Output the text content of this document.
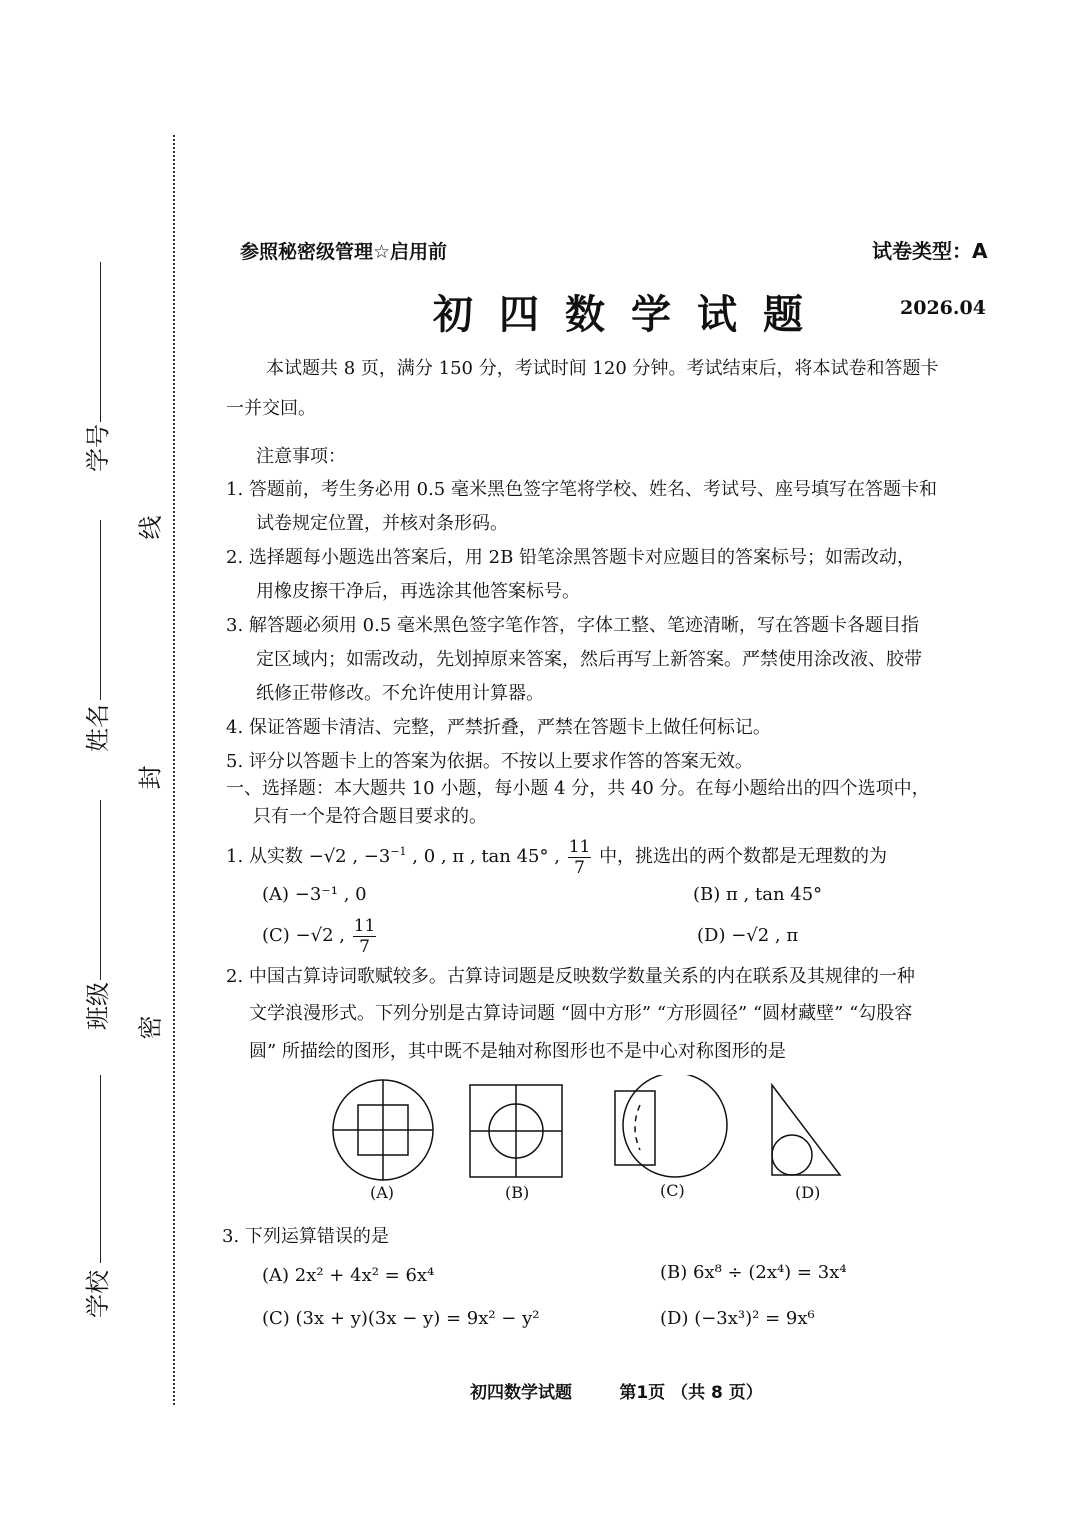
学校
班级
姓名
学号
密
封
线
参照秘密级管理☆启用前	试卷类型：A
初四数学试题	2026.04
本试题共 8 页，满分 150 分，考试时间 120 分钟。考试结束后，将本试卷和答题卡
一并交回。
注意事项：
1. 答题前，考生务必用 0.5 毫米黑色签字笔将学校、姓名、考试号、座号填写在答题卡和
试卷规定位置，并核对条形码。
2. 选择题每小题选出答案后，用 2B 铅笔涂黑答题卡对应题目的答案标号；如需改动，
用橡皮擦干净后，再选涂其他答案标号。
3. 解答题必须用 0.5 毫米黑色签字笔作答，字体工整、笔迹清晰，写在答题卡各题目指
定区域内；如需改动，先划掉原来答案，然后再写上新答案。严禁使用涂改液、胶带
纸修正带修改。不允许使用计算器。
4. 保证答题卡清洁、完整，严禁折叠，严禁在答题卡上做任何标记。
5. 评分以答题卡上的答案为依据。不按以上要求作答的答案无效。
一、选择题：本大题共 10 小题，每小题 4 分，共 40 分。在每小题给出的四个选项中，
只有一个是符合题目要求的。
1. 从实数 −√2 , $-3^{-1}$ , 0 , π , tan 45° , $\frac{11}{7}$ 中，挑选出的两个数都是无理数的为
(A) −3⁻¹ , 0	(B) π , tan 45°
(C) −√2 , $\frac{11}{7}$	(D) −√2 , π
2. 中国古算诗词歌赋较多。古算诗词题是反映数学数量关系的内在联系及其规律的一种
文学浪漫形式。下列分别是古算诗词题 “圆中方形” “方形圆径” “圆材藏壁” “勾股容
圆” 所描绘的图形，其中既不是轴对称图形也不是中心对称图形的是
(A)	(B)	(C)	(D)
3. 下列运算错误的是
(A) 2x² + 4x² = 6x⁴	(B) 6x⁸ ÷ (2x⁴) = 3x⁴
(C) (3x + y)(3x − y) = 9x² − y²	(D) (−3x³)² = 9x⁶
初四数学试题        第1页 （共 8 页）
